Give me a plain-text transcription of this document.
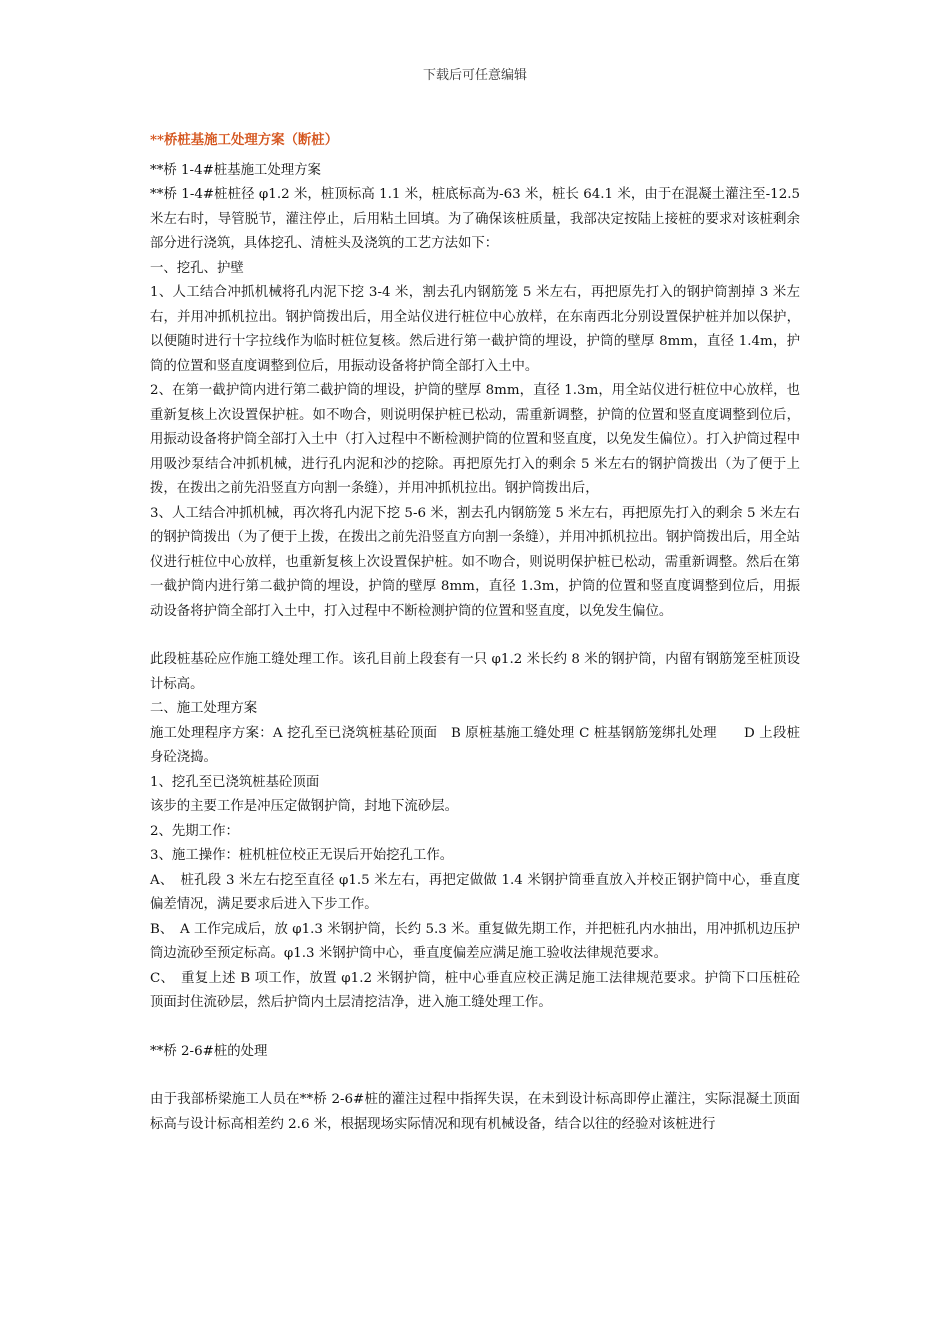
下载后可任意编辑

**桥桩基施工处理方案（断桩）

**桥 1-4#桩基施工处理方案

**桥 1-4#桩桩径 φ1.2 米，桩顶标高 1.1 米，桩底标高为-63 米，桩长 64.1 米，由于在混凝土灌注至-12.5 米左右时，导管脱节，灌注停止，后用粘土回填。为了确保该桩质量，我部决定按陆上接桩的要求对该桩剩余部分进行浇筑，具体挖孔、清桩头及浇筑的工艺方法如下：

一、挖孔、护壁

1、人工结合冲抓机械将孔内泥下挖 3-4 米，割去孔内钢筋笼 5 米左右，再把原先打入的钢护筒割掉 3 米左右，并用冲抓机拉出。钢护筒拨出后，用全站仪进行桩位中心放样，在东南西北分别设置保护桩并加以保护，以便随时进行十字拉线作为临时桩位复核。然后进行第一截护筒的埋设，护筒的壁厚 8mm，直径 1.4m，护筒的位置和竖直度调整到位后，用振动设备将护筒全部打入土中。

2、在第一截护筒内进行第二截护筒的埋设，护筒的壁厚 8mm，直径 1.3m，用全站仪进行桩位中心放样，也重新复核上次设置保护桩。如不吻合，则说明保护桩已松动，需重新调整，护筒的位置和竖直度调整到位后，用振动设备将护筒全部打入土中（打入过程中不断检测护筒的位置和竖直度，以免发生偏位）。打入护筒过程中用吸沙泵结合冲抓机械，进行孔内泥和沙的挖除。再把原先打入的剩余 5 米左右的钢护筒拨出（为了便于上拨，在拨出之前先沿竖直方向割一条缝），并用冲抓机拉出。钢护筒拨出后，

3、人工结合冲抓机械，再次将孔内泥下挖 5-6 米，割去孔内钢筋笼 5 米左右，再把原先打入的剩余 5 米左右的钢护筒拨出（为了便于上拨，在拨出之前先沿竖直方向割一条缝），并用冲抓机拉出。钢护筒拨出后，用全站仪进行桩位中心放样，也重新复核上次设置保护桩。如不吻合，则说明保护桩已松动，需重新调整。然后在第一截护筒内进行第二截护筒的埋设，护筒的壁厚 8mm，直径 1.3m，护筒的位置和竖直度调整到位后，用振动设备将护筒全部打入土中，打入过程中不断检测护筒的位置和竖直度，以免发生偏位。

此段桩基砼应作施工缝处理工作。该孔目前上段套有一只 φ1.2 米长约 8 米的钢护筒，内留有钢筋笼至桩顶设计标高。

二、施工处理方案

施工处理程序方案：A 挖孔至已浇筑桩基砼顶面　B 原桩基施工缝处理 C 桩基钢筋笼绑扎处理　　D 上段桩身砼浇捣。

1、挖孔至已浇筑桩基砼顶面

该步的主要工作是冲压定做钢护筒，封地下流砂层。

2、先期工作：

3、施工操作：桩机桩位校正无误后开始挖孔工作。

A、　桩孔段 3 米左右挖至直径 φ1.5 米左右，再把定做做 1.4 米钢护筒垂直放入并校正钢护筒中心，垂直度偏差情况，满足要求后进入下步工作。

B、　A 工作完成后，放 φ1.3 米钢护筒，长约 5.3 米。重复做先期工作，并把桩孔内水抽出，用冲抓机边压护筒边流砂至预定标高。φ1.3 米钢护筒中心，垂直度偏差应满足施工验收法律规范要求。

C、　重复上述 B 项工作，放置 φ1.2 米钢护筒，桩中心垂直应校正满足施工法律规范要求。护筒下口压桩砼顶面封住流砂层，然后护筒内土层清挖洁净，进入施工缝处理工作。

**桥 2-6#桩的处理

由于我部桥梁施工人员在**桥 2-6#桩的灌注过程中指挥失误，在未到设计标高即停止灌注，实际混凝土顶面标高与设计标高相差约 2.6 米，根据现场实际情况和现有机械设备，结合以往的经验对该桩进行
